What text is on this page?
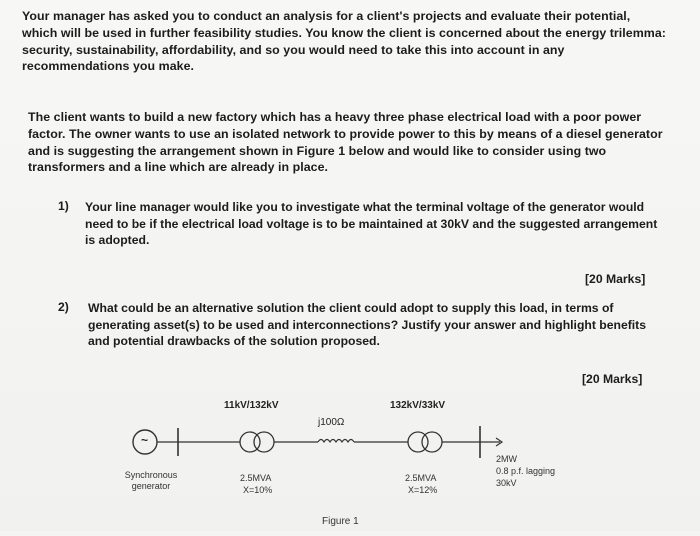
Your manager has asked you to conduct an analysis for a client's projects and evaluate their potential, which will be used in further feasibility studies. You know the client is concerned about the energy trilemma: security, sustainability, affordability, and so you would need to take this into account in any recommendations you make.
The client wants to build a new factory which has a heavy three phase electrical load with a poor power factor. The owner wants to use an isolated network to provide power to this by means of a diesel generator and is suggesting the arrangement shown in Figure 1 below and would like to consider using two transformers and a line which are already in place.
1) Your line manager would like you to investigate what the terminal voltage of the generator would need to be if the electrical load voltage is to be maintained at 30kV and the suggested arrangement is adopted.
[20 Marks]
2) What could be an alternative solution the client could adopt to supply this load, in terms of generating asset(s) to be used and interconnections? Justify your answer and highlight benefits and potential drawbacks of the solution proposed.
[20 Marks]
~
Synchronous generator
11kV/132kV
2.5MVA
X=10%
j100Ω
132kV/33kV
2.5MVA
X=12%
2MW
0.8 p.f. lagging
30kV
Figure 1
